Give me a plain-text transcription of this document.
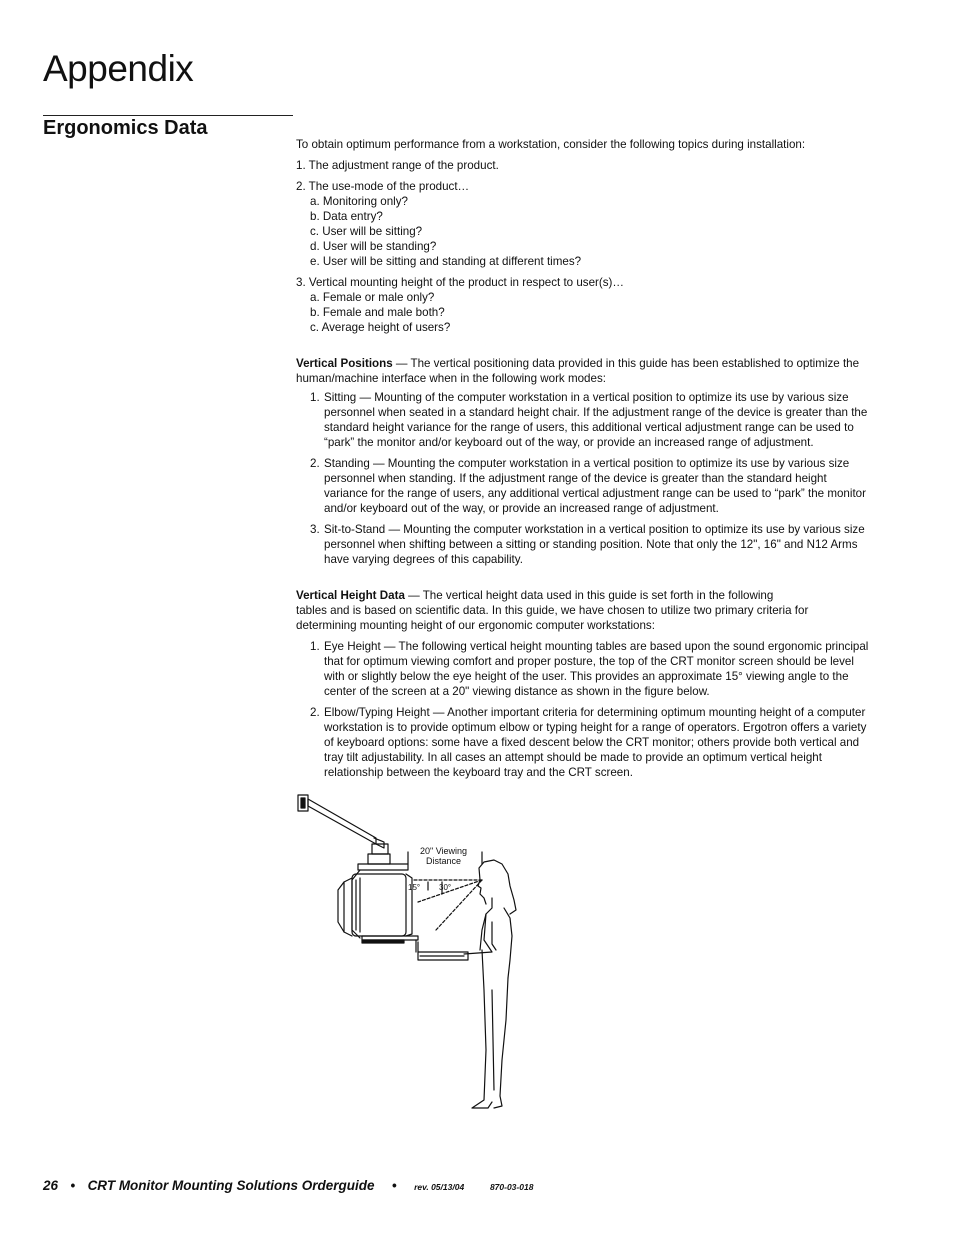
Appendix
Ergonomics Data

To obtain optimum performance from a workstation, consider the following topics during installation:

1. The adjustment range of the product.

2. The use-mode of the product…

a. Monitoring only?

b. Data entry?

c. User will be sitting?

d. User will be standing?

e. User will be sitting and standing at different times?

3. Vertical mounting height of the product in respect to user(s)…

a. Female or male only?

b. Female and male both?

c. Average height of users?

Vertical Positions — The vertical positioning data provided in this guide has been established to optimize the human/machine interface when in the following work modes:

1. Sitting — Mounting of the computer workstation in a vertical position to optimize its use by various size personnel when seated in a standard height chair. If the adjustment range of the device is greater than the standard height variance for the range of users, this additional vertical adjustment range can be used to “park” the monitor and/or keyboard out of the way, or provide an increased range of adjustment.
2. Standing — Mounting the computer workstation in a vertical position to optimize its use by various size personnel when standing. If the adjustment range of the device is greater than the standard height variance for the range of users, any additional vertical adjustment range can be used to “park” the monitor and/or keyboard out of the way, or provide an increased range of adjustment.
3. Sit-to-Stand — Mounting the computer workstation in a vertical position to optimize its use by various size personnel when shifting between a sitting or standing position. Note that only the 12", 16" and N12 Arms have varying degrees of this capability.

Vertical Height Data — The vertical height data used in this guide is set forth in the following
tables and is based on scientific data. In this guide, we have chosen to utilize two primary criteria for determining mounting height of our ergonomic computer workstations:

1. Eye Height — The following vertical height mounting tables are based upon the sound ergonomic principal that for optimum viewing comfort and proper posture, the top of the CRT monitor screen should be level with or slightly below the eye height of the user. This provides an approximate 15° viewing angle to the center of the screen at a 20" viewing distance as shown in the figure below.
2. Elbow/Typing Height — Another important criteria for determining optimum mounting height of a computer workstation is to provide optimum elbow or typing height for a range of operators. Ergotron offers a variety of keyboard options: some have a fixed descent below the CRT monitor; others provide both vertical and tray tilt adjustability. In all cases an attempt should be made to provide an optimum vertical height relationship between the keyboard tray and the CRT screen.
20" Viewing
Distance
15° 30°
26 • CRT Monitor Mounting Solutions Orderguide • rev. 05/13/04	870-03-018
